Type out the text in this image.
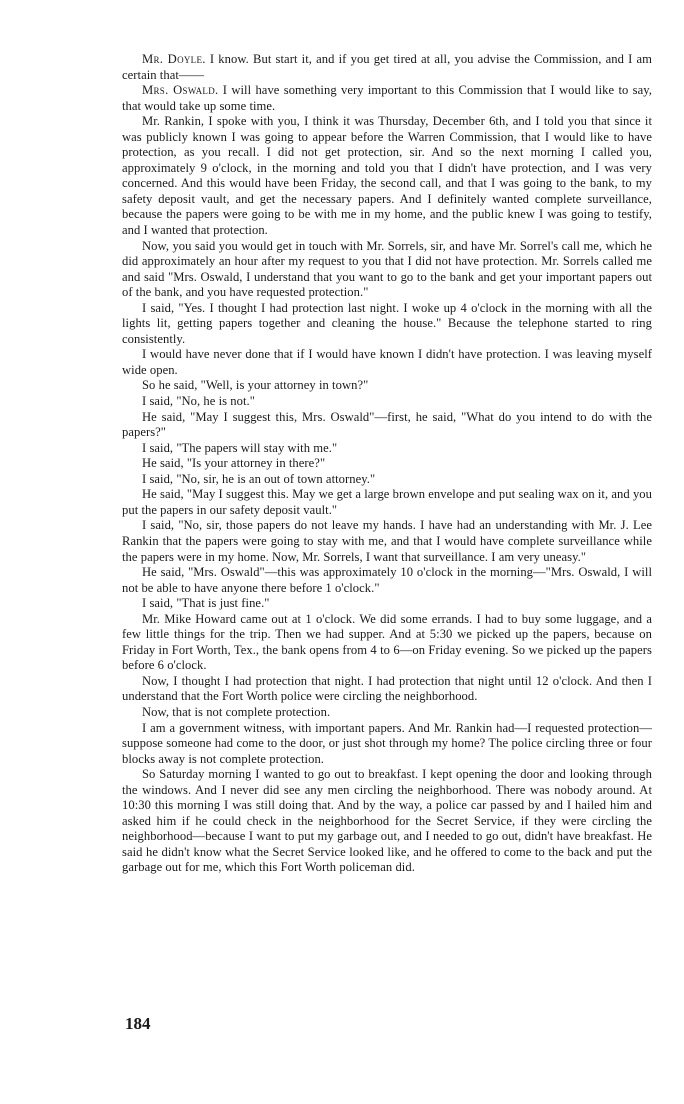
Mr. Doyle. I know. But start it, and if you get tired at all, you advise the Commission, and I am certain that——

Mrs. Oswald. I will have something very important to this Commission that I would like to say, that would take up some time.

Mr. Rankin, I spoke with you, I think it was Thursday, December 6th, and I told you that since it was publicly known I was going to appear before the Warren Commission, that I would like to have protection, as you recall. I did not get protection, sir. And so the next morning I called you, approximately 9 o'clock, in the morning and told you that I didn't have protection, and I was very concerned. And this would have been Friday, the second call, and that I was going to the bank, to my safety deposit vault, and get the necessary papers. And I definitely wanted complete surveillance, because the papers were going to be with me in my home, and the public knew I was going to testify, and I wanted that protection.

Now, you said you would get in touch with Mr. Sorrels, sir, and have Mr. Sorrel's call me, which he did approximately an hour after my request to you that I did not have protection. Mr. Sorrels called me and said "Mrs. Oswald, I understand that you want to go to the bank and get your important papers out of the bank, and you have requested protection."

I said, "Yes. I thought I had protection last night. I woke up 4 o'clock in the morning with all the lights lit, getting papers together and cleaning the house." Because the telephone started to ring consistently.

I would have never done that if I would have known I didn't have protection. I was leaving myself wide open.

So he said, "Well, is your attorney in town?"

I said, "No, he is not."

He said, "May I suggest this, Mrs. Oswald"—first, he said, "What do you intend to do with the papers?"

I said, "The papers will stay with me."

He said, "Is your attorney in there?"

I said, "No, sir, he is an out of town attorney."

He said, "May I suggest this. May we get a large brown envelope and put sealing wax on it, and you put the papers in our safety deposit vault."

I said, "No, sir, those papers do not leave my hands. I have had an understanding with Mr. J. Lee Rankin that the papers were going to stay with me, and that I would have complete surveillance while the papers were in my home. Now, Mr. Sorrels, I want that surveillance. I am very uneasy."

He said, "Mrs. Oswald"—this was approximately 10 o'clock in the morning—"Mrs. Oswald, I will not be able to have anyone there before 1 o'clock."

I said, "That is just fine."

Mr. Mike Howard came out at 1 o'clock. We did some errands. I had to buy some luggage, and a few little things for the trip. Then we had supper. And at 5:30 we picked up the papers, because on Friday in Fort Worth, Tex., the bank opens from 4 to 6—on Friday evening. So we picked up the papers before 6 o'clock.

Now, I thought I had protection that night. I had protection that night until 12 o'clock. And then I understand that the Fort Worth police were circling the neighborhood.

Now, that is not complete protection.

I am a government witness, with important papers. And Mr. Rankin had—I requested protection—suppose someone had come to the door, or just shot through my home? The police circling three or four blocks away is not complete protection.

So Saturday morning I wanted to go out to breakfast. I kept opening the door and looking through the windows. And I never did see any men circling the neighborhood. There was nobody around. At 10:30 this morning I was still doing that. And by the way, a police car passed by and I hailed him and asked him if he could check in the neighborhood for the Secret Service, if they were circling the neighborhood—because I want to put my garbage out, and I needed to go out, didn't have breakfast. He said he didn't know what the Secret Service looked like, and he offered to come to the back and put the garbage out for me, which this Fort Worth policeman did.

184
